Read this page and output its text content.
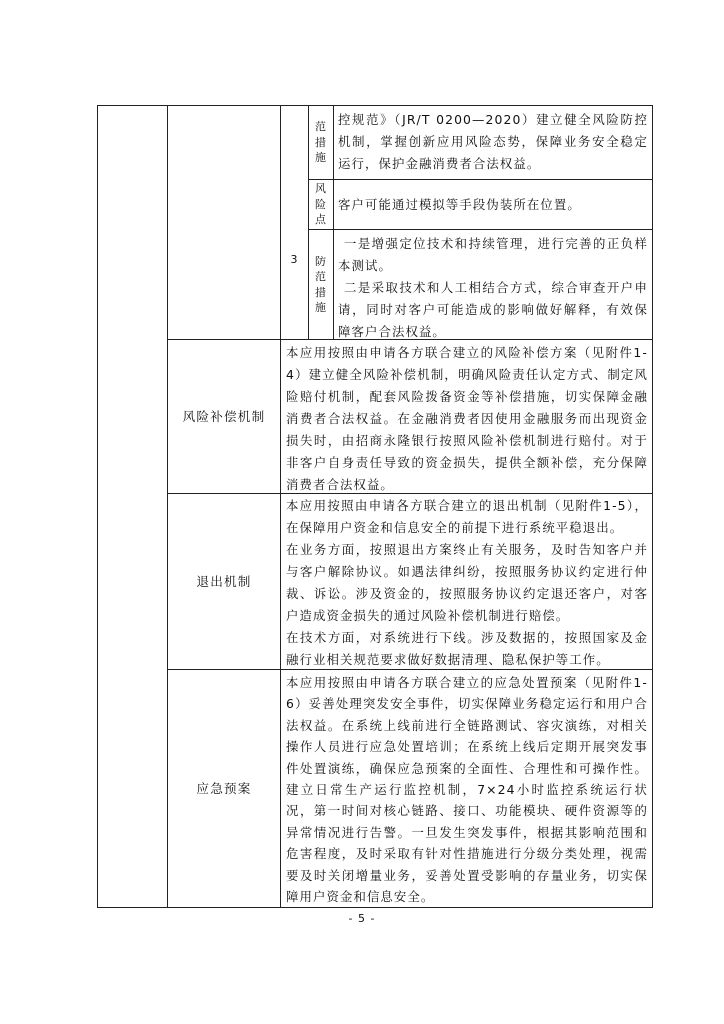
范
措
施

控规范》（JR/T 0200—2020）建立健全风险防控机制，掌握创新应用风险态势，保障业务安全稳定运行，保护金融消费者合法权益。

3
风
险
点

客户可能通过模拟等手段伪装所在位置。

防
范
措
施

一是增强定位技术和持续管理，进行完善的正负样本测试。

二是采取技术和人工相结合方式，综合审查开户申请，同时对客户可能造成的影响做好解释，有效保障客户合法权益。

风险补偿机制

本应用按照由申请各方联合建立的风险补偿方案（见附件1-4）建立健全风险补偿机制，明确风险责任认定方式、制定风险赔付机制，配套风险拨备资金等补偿措施，切实保障金融消费者合法权益。在金融消费者因使用金融服务而出现资金损失时，由招商永隆银行按照风险补偿机制进行赔付。对于非客户自身责任导致的资金损失，提供全额补偿，充分保障消费者合法权益。

退出机制

本应用按照由申请各方联合建立的退出机制（见附件1-5），在保障用户资金和信息安全的前提下进行系统平稳退出。

在业务方面，按照退出方案终止有关服务，及时告知客户并与客户解除协议。如遇法律纠纷，按照服务协议约定进行仲裁、诉讼。涉及资金的，按照服务协议约定退还客户，对客户造成资金损失的通过风险补偿机制进行赔偿。

在技术方面，对系统进行下线。涉及数据的，按照国家及金融行业相关规范要求做好数据清理、隐私保护等工作。

应急预案

本应用按照由申请各方联合建立的应急处置预案（见附件1-6）妥善处理突发安全事件，切实保障业务稳定运行和用户合法权益。在系统上线前进行全链路测试、容灾演练，对相关操作人员进行应急处置培训；在系统上线后定期开展突发事件处置演练，确保应急预案的全面性、合理性和可操作性。建立日常生产运行监控机制，7×24小时监控系统运行状况，第一时间对核心链路、接口、功能模块、硬件资源等的异常情况进行告警。一旦发生突发事件，根据其影响范围和危害程度，及时采取有针对性措施进行分级分类处理，视需要及时关闭增量业务，妥善处置受影响的存量业务，切实保障用户资金和信息安全。

- 5 -
